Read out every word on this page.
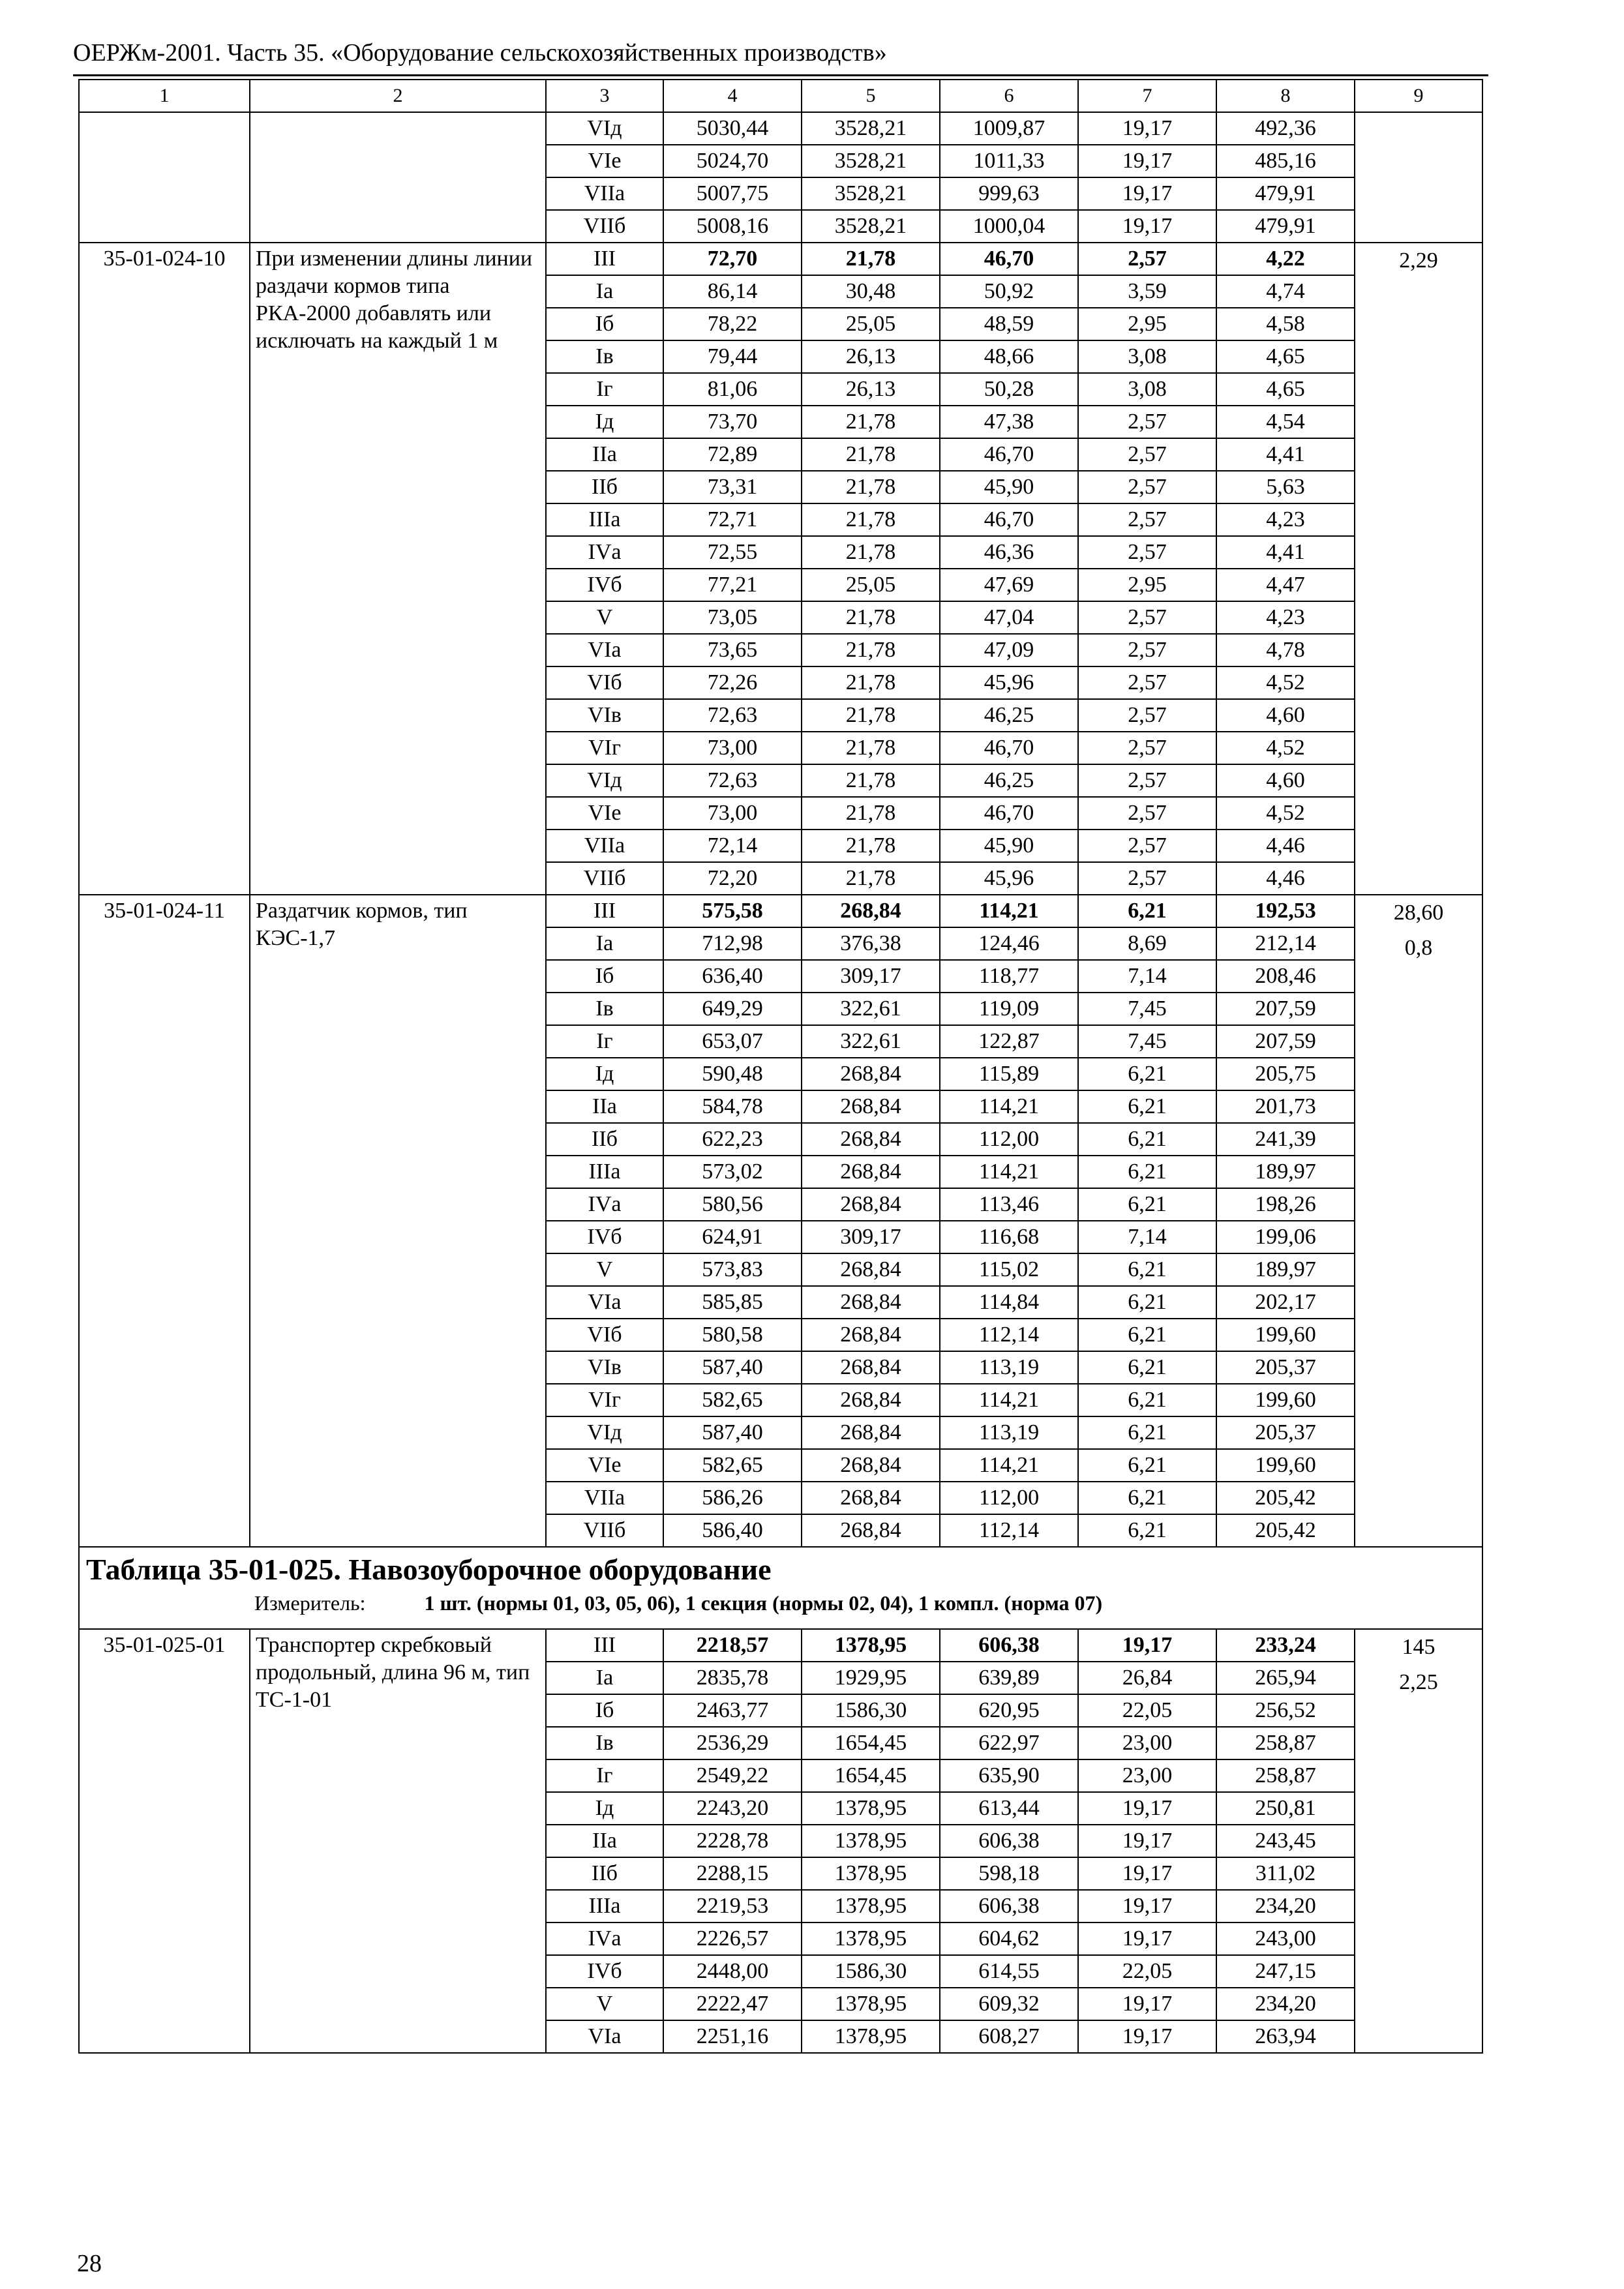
ОЕРЖм-2001. Часть 35. «Оборудование сельскохозяйственных производств»
1	2	3	4	5	6	7	8	9
		VIд	5030,44	3528,21	1009,87	19,17	492,36	
		VIе	5024,70	3528,21	1011,33	19,17	485,16	
		VIIа	5007,75	3528,21	999,63	19,17	479,91	
		VIIб	5008,16	3528,21	1000,04	19,17	479,91	
35-01-024-10	При изменении длины линии раздачи кормов типа РКА-2000 добавлять или исключать на каждый 1 м	III	72,70	21,78	46,70	2,57	4,22	2,29

		Iа	86,14	30,48	50,92	3,59	4,74	
		Iб	78,22	25,05	48,59	2,95	4,58	
		Iв	79,44	26,13	48,66	3,08	4,65	
		Iг	81,06	26,13	50,28	3,08	4,65	
		Iд	73,70	21,78	47,38	2,57	4,54	
		IIа	72,89	21,78	46,70	2,57	4,41	
		IIб	73,31	21,78	45,90	2,57	5,63	
		IIIа	72,71	21,78	46,70	2,57	4,23	
		IVа	72,55	21,78	46,36	2,57	4,41	
		IVб	77,21	25,05	47,69	2,95	4,47	
		V	73,05	21,78	47,04	2,57	4,23	
		VIа	73,65	21,78	47,09	2,57	4,78	
		VIб	72,26	21,78	45,96	2,57	4,52	
		VIв	72,63	21,78	46,25	2,57	4,60	
		VIг	73,00	21,78	46,70	2,57	4,52	
		VIд	72,63	21,78	46,25	2,57	4,60	
		VIе	73,00	21,78	46,70	2,57	4,52	
		VIIа	72,14	21,78	45,90	2,57	4,46	
		VIIб	72,20	21,78	45,96	2,57	4,46	
35-01-024-11	Раздатчик кормов, тип КЭС-1,7	III	575,58	268,84	114,21	6,21	192,53	28,60
0,8

		Iа	712,98	376,38	124,46	8,69	212,14	
		Iб	636,40	309,17	118,77	7,14	208,46	
		Iв	649,29	322,61	119,09	7,45	207,59	
		Iг	653,07	322,61	122,87	7,45	207,59	
		Iд	590,48	268,84	115,89	6,21	205,75	
		IIа	584,78	268,84	114,21	6,21	201,73	
		IIб	622,23	268,84	112,00	6,21	241,39	
		IIIа	573,02	268,84	114,21	6,21	189,97	
		IVа	580,56	268,84	113,46	6,21	198,26	
		IVб	624,91	309,17	116,68	7,14	199,06	
		V	573,83	268,84	115,02	6,21	189,97	
		VIа	585,85	268,84	114,84	6,21	202,17	
		VIб	580,58	268,84	112,14	6,21	199,60	
		VIв	587,40	268,84	113,19	6,21	205,37	
		VIг	582,65	268,84	114,21	6,21	199,60	
		VIд	587,40	268,84	113,19	6,21	205,37	
		VIе	582,65	268,84	114,21	6,21	199,60	
		VIIа	586,26	268,84	112,00	6,21	205,42	
		VIIб	586,40	268,84	112,14	6,21	205,42	

Таблица 35-01-025. Навозоуборочное оборудование
Измеритель: 1 шт. (нормы 01, 03, 05, 06), 1 секция (нормы 02, 04), 1 компл. (норма 07)								

35-01-025-01	Транспортер скребковый продольный, длина 96 м, тип ТС-1-01	III	2218,57	1378,95	606,38	19,17	233,24	145
2,25

		Iа	2835,78	1929,95	639,89	26,84	265,94	
		Iб	2463,77	1586,30	620,95	22,05	256,52	
		Iв	2536,29	1654,45	622,97	23,00	258,87	
		Iг	2549,22	1654,45	635,90	23,00	258,87	
		Iд	2243,20	1378,95	613,44	19,17	250,81	
		IIа	2228,78	1378,95	606,38	19,17	243,45	
		IIб	2288,15	1378,95	598,18	19,17	311,02	
		IIIа	2219,53	1378,95	606,38	19,17	234,20	
		IVа	2226,57	1378,95	604,62	19,17	243,00	
		IVб	2448,00	1586,30	614,55	22,05	247,15	
		V	2222,47	1378,95	609,32	19,17	234,20	
		VIа	2251,16	1378,95	608,27	19,17	263,94	
28
